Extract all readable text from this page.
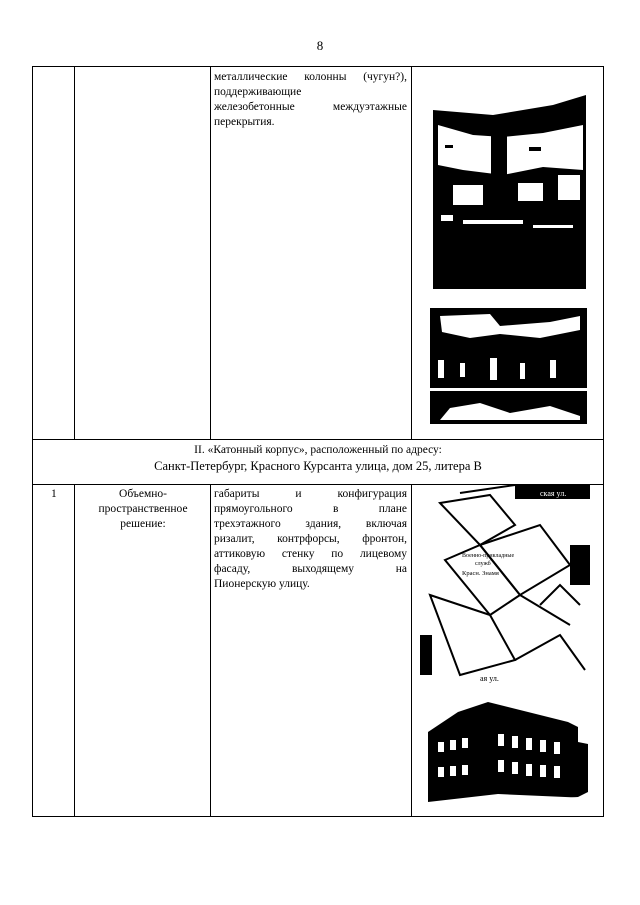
8
металлические колонны (чугун?),
поддерживающие
железобетонные междуэтажные
перекрытия.
II. «Катонный корпус», расположенный по адресу:
Санкт-Петербург, Красного Курсанта улица, дом 25, литера В
1	Объемно-
пространственное
решение:
габариты и конфигурация
прямоугольного в плане
трехэтажного здания, включая
ризалит, контрфорсы, фронтон,
аттиковую стенку по лицевому
фасаду, выходящему на
Пионерскую улицу.
ская ул.
Военно-прикладные
служб
Красн. Знамя
ая ул.
